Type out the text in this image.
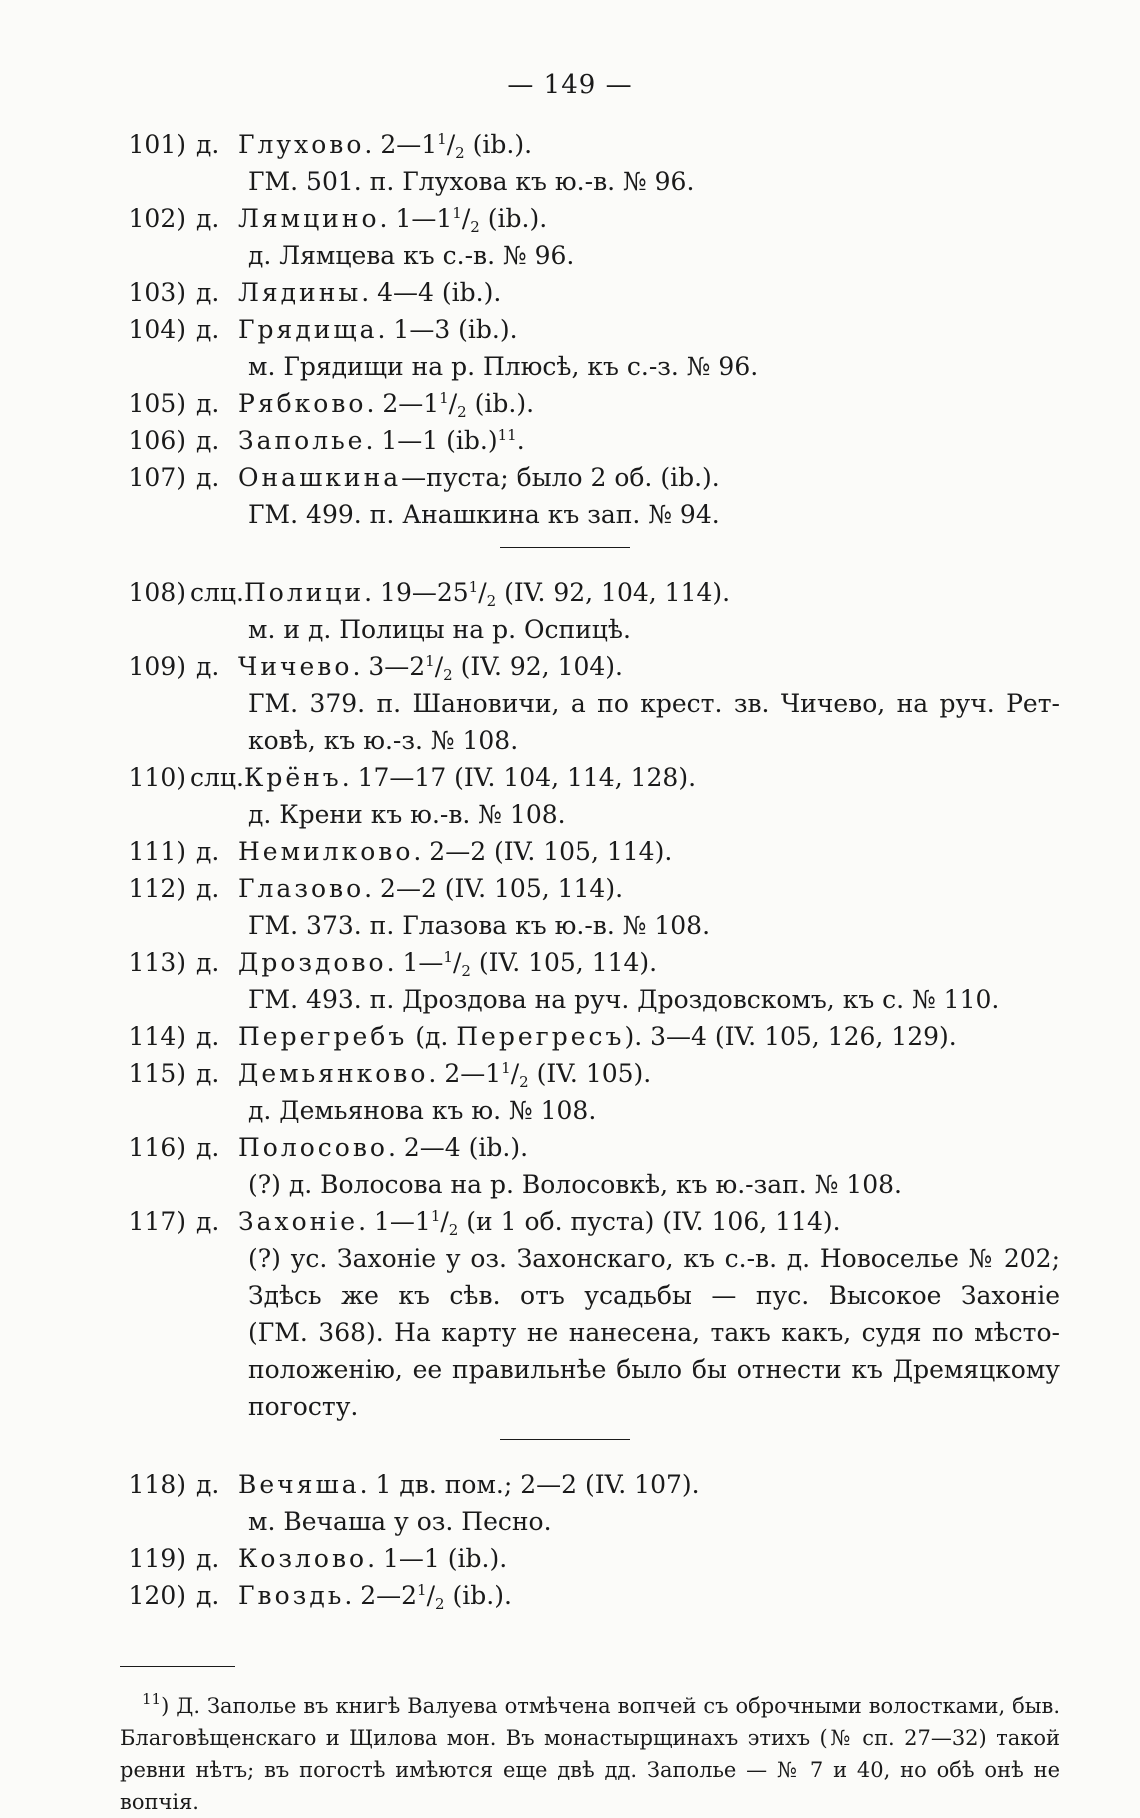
— 149 —
101) д. Глухово. $2—1^1/_2$ (ib.).
ГМ. 501. п. Глухова къ ю.-в. № 96.
102) д. Лямцино. $1—1^1/_2$ (ib.).
д. Лямцева къ с.-в. № 96.
103) д. Лядины. 4—4 (ib.).
104) д. Грядища. 1—3 (ib.).
м. Грядищи на р. Плюсѣ, къ с.-з. № 96.
105) д. Рябково. $2—1^1/_2$ (ib.).
106) д. Заполье. 1—1 $(ib.)^{11}$.
107) д. Онашкина—пуста; было 2 об. (ib.).
ГМ. 499. п. Анашкина къ зап. № 94.
108) слц.Полици. $19—25^1/_2$ (IV. 92, 104, 114).
м. и д. Полицы на р. Оспицѣ.
109) д. Чичево. $3—2^1/_2$ (IV. 92, 104).
ГМ. 379. п. Шановичи, а по крест. зв. Чичево, на руч. Рет-
ковѣ, къ ю.-з. № 108.
110) слц.Крёнъ. 17—17 (IV. 104, 114, 128).
д. Крени къ ю.-в. № 108.
111) д. Немилково. 2—2 (IV. 105, 114).
112) д. Глазово. 2—2 (IV. 105, 114).
ГМ. 373. п. Глазова къ ю.-в. № 108.
113) д. Дроздово. $1—^1/_2$ (IV. 105, 114).
ГМ. 493. п. Дроздова на руч. Дроздовскомъ, къ с. № 110.
114) д. Перегребъ (д. Перегресъ). 3—4 (IV. 105, 126, 129).
115) д. Демьянково. $2—1^1/_2$ (IV. 105).
д. Демьянова къ ю. № 108.
116) д. Полосово. 2—4 (ib.).
(?) д. Волосова на р. Волосовкѣ, къ ю.-зап. № 108.
117) д. Захоніе. $1—1^1/_2$ (и 1 об. пуста) (IV. 106, 114).
(?) ус. Захоніе у оз. Захонскаго, къ с.-в. д. Новоселье № 202;
Здѣсь же къ сѣв. отъ усадьбы — пус. Высокое Захоніе
(ГМ. 368). На карту не нанесена, такъ какъ, судя по мѣсто-
положенію, ее правильнѣе было бы отнести къ Дремяцкому
погосту.
118) д. Вечяша. 1 дв. пом.; 2—2 (IV. 107).
м. Вечаша у оз. Песно.
119) д. Козлово. 1—1 (ib.).
120) д. Гвоздь. $2—2^1/_2$ (ib.).
$^{11}$) Д. Заполье въ книгѣ Валуева отмѣчена вопчей съ оброчными волостками, быв.
Благовѣщенскаго и Щилова мон. Въ монастырщинахъ этихъ (№ сп. 27—32) такой
ревни нѣтъ; въ погостѣ имѣются еще двѣ дд. Заполье — № 7 и 40, но обѣ онѣ не
вопчія.
